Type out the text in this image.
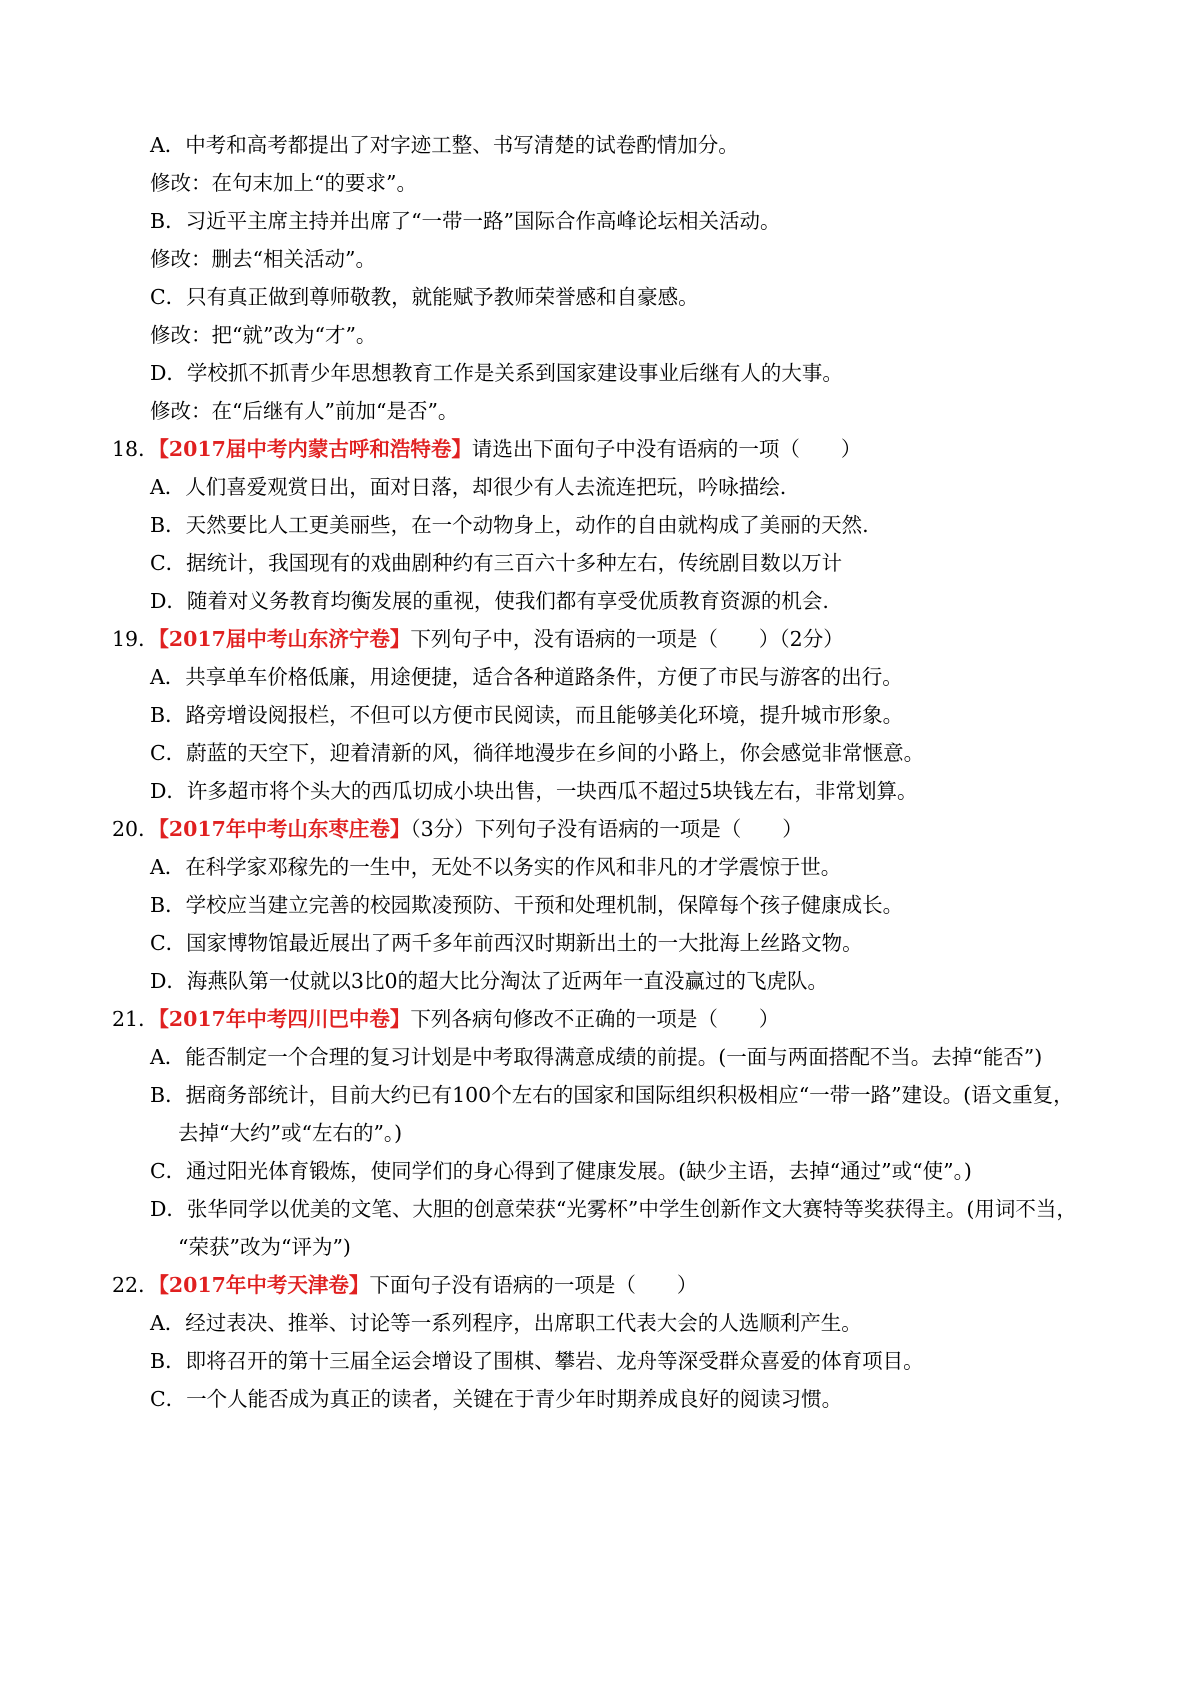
A．中考和高考都提出了对字迹工整、书写清楚的试卷酌情加分。
修改：在句末加上“的要求”。
B．习近平主席主持并出席了“一带一路”国际合作高峰论坛相关活动。
修改：删去“相关活动”。
C．只有真正做到尊师敬教，就能赋予教师荣誉感和自豪感。
修改：把“就”改为“才”。
D．学校抓不抓青少年思想教育工作是关系到国家建设事业后继有人的大事。
修改：在“后继有人”前加“是否”。
18．【2017届中考内蒙古呼和浩特卷】请选出下面句子中没有语病的一项（　　）
A．人们喜爱观赏日出，面对日落，却很少有人去流连把玩，吟咏描绘.
B．天然要比人工更美丽些，在一个动物身上，动作的自由就构成了美丽的天然.
C．据统计，我国现有的戏曲剧种约有三百六十多种左右，传统剧目数以万计
D．随着对义务教育均衡发展的重视，使我们都有享受优质教育资源的机会.
19．【2017届中考山东济宁卷】下列句子中，没有语病的一项是（　　）（2分）
A．共享单车价格低廉，用途便捷，适合各种道路条件，方便了市民与游客的出行。
B．路旁增设阅报栏，不但可以方便市民阅读，而且能够美化环境，提升城市形象。
C．蔚蓝的天空下，迎着清新的风，徜徉地漫步在乡间的小路上，你会感觉非常惬意。
D．许多超市将个头大的西瓜切成小块出售，一块西瓜不超过5块钱左右，非常划算。
20．【2017年中考山东枣庄卷】（3分）下列句子没有语病的一项是（　　）
A．在科学家邓稼先的一生中，无处不以务实的作风和非凡的才学震惊于世。
B．学校应当建立完善的校园欺凌预防、干预和处理机制，保障每个孩子健康成长。
C．国家博物馆最近展出了两千多年前西汉时期新出土的一大批海上丝路文物。
D．海燕队第一仗就以3比0的超大比分淘汰了近两年一直没赢过的飞虎队。
21．【2017年中考四川巴中卷】下列各病句修改不正确的一项是（　　）
A．能否制定一个合理的复习计划是中考取得满意成绩的前提。(一面与两面搭配不当。去掉“能否”)
B．据商务部统计，目前大约已有100个左右的国家和国际组织积极相应“一带一路”建设。(语文重复，
去掉“大约”或“左右的”。)
C．通过阳光体育锻炼，使同学们的身心得到了健康发展。(缺少主语，去掉“通过”或“使”。)
D．张华同学以优美的文笔、大胆的创意荣获“光雾杯”中学生创新作文大赛特等奖获得主。(用词不当，
“荣获”改为“评为”)
22．【2017年中考天津卷】下面句子没有语病的一项是（　　）
A．经过表决、推举、讨论等一系列程序，出席职工代表大会的人选顺利产生。
B．即将召开的第十三届全运会增设了围棋、攀岩、龙舟等深受群众喜爱的体育项目。
C．一个人能否成为真正的读者，关键在于青少年时期养成良好的阅读习惯。
